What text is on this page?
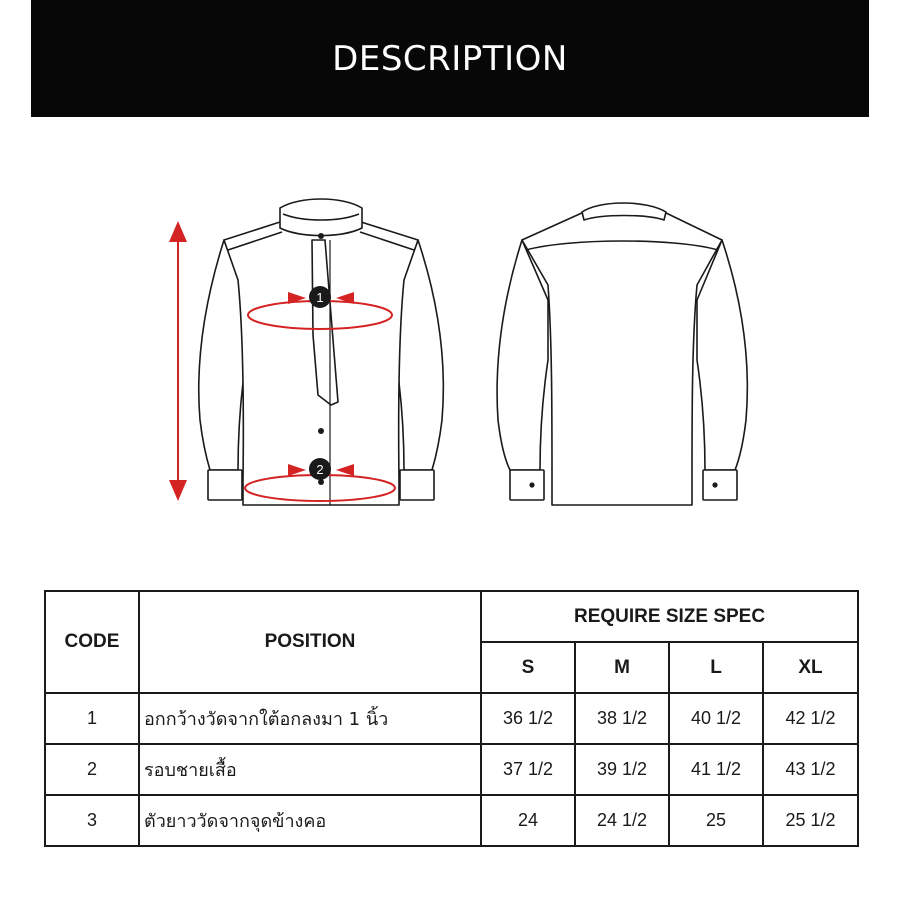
DESCRIPTION
1
2
CODE	POSITION	REQUIRE SIZE SPEC			
		S	M	L	XL
1	อกกว้างวัดจากใต้อกลงมา 1 นิ้ว	36 1/2	38 1/2	40 1/2	42 1/2
2	รอบชายเสื้อ	37 1/2	39 1/2	41 1/2	43 1/2
3	ตัวยาววัดจากจุดข้างคอ	24	24 1/2	25	25 1/2
